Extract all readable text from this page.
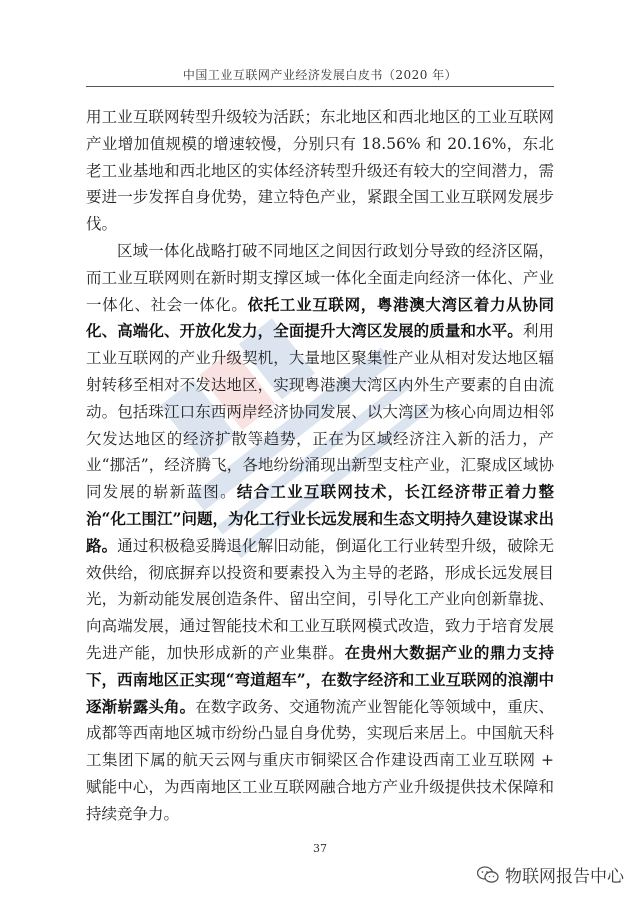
中国工业互联网产业经济发展白皮书（2020 年）

用工业互联网转型升级较为活跃；东北地区和西北地区的工业互联网产业增加值规模的增速较慢，分别只有 18.56% 和 20.16%，东北老工业基地和西北地区的实体经济转型升级还有较大的空间潜力，需要进一步发挥自身优势，建立特色产业，紧跟全国工业互联网发展步伐。

区域一体化战略打破不同地区之间因行政划分导致的经济区隔，而工业互联网则在新时期支撑区域一体化全面走向经济一体化、产业一体化、社会一体化。依托工业互联网，粤港澳大湾区着力从协同化、高端化、开放化发力，全面提升大湾区发展的质量和水平。利用工业互联网的产业升级契机，大量地区聚集性产业从相对发达地区辐射转移至相对不发达地区，实现粤港澳大湾区内外生产要素的自由流动。包括珠江口东西两岸经济协同发展、以大湾区为核心向周边相邻欠发达地区的经济扩散等趋势，正在为区域经济注入新的活力，产业“挪活”，经济腾飞，各地纷纷涌现出新型支柱产业，汇聚成区域协同发展的崭新蓝图。结合工业互联网技术，长江经济带正着力整治“化工围江”问题，为化工行业长远发展和生态文明持久建设谋求出路。通过积极稳妥腾退化解旧动能，倒逼化工行业转型升级，破除无效供给，彻底摒弃以投资和要素投入为主导的老路，形成长远发展目光，为新动能发展创造条件、留出空间，引导化工产业向创新靠拢、向高端发展，通过智能技术和工业互联网模式改造，致力于培育发展先进产能，加快形成新的产业集群。在贵州大数据产业的鼎力支持下，西南地区正实现“弯道超车”，在数字经济和工业互联网的浪潮中逐渐崭露头角。在数字政务、交通物流产业智能化等领域中，重庆、成都等西南地区城市纷纷凸显自身优势，实现后来居上。中国航天科工集团下属的航天云网与重庆市铜梁区合作建设西南工业互联网 + 赋能中心，为西南地区工业互联网融合地方产业升级提供技术保障和持续竞争力。

37
物联网报告中心
